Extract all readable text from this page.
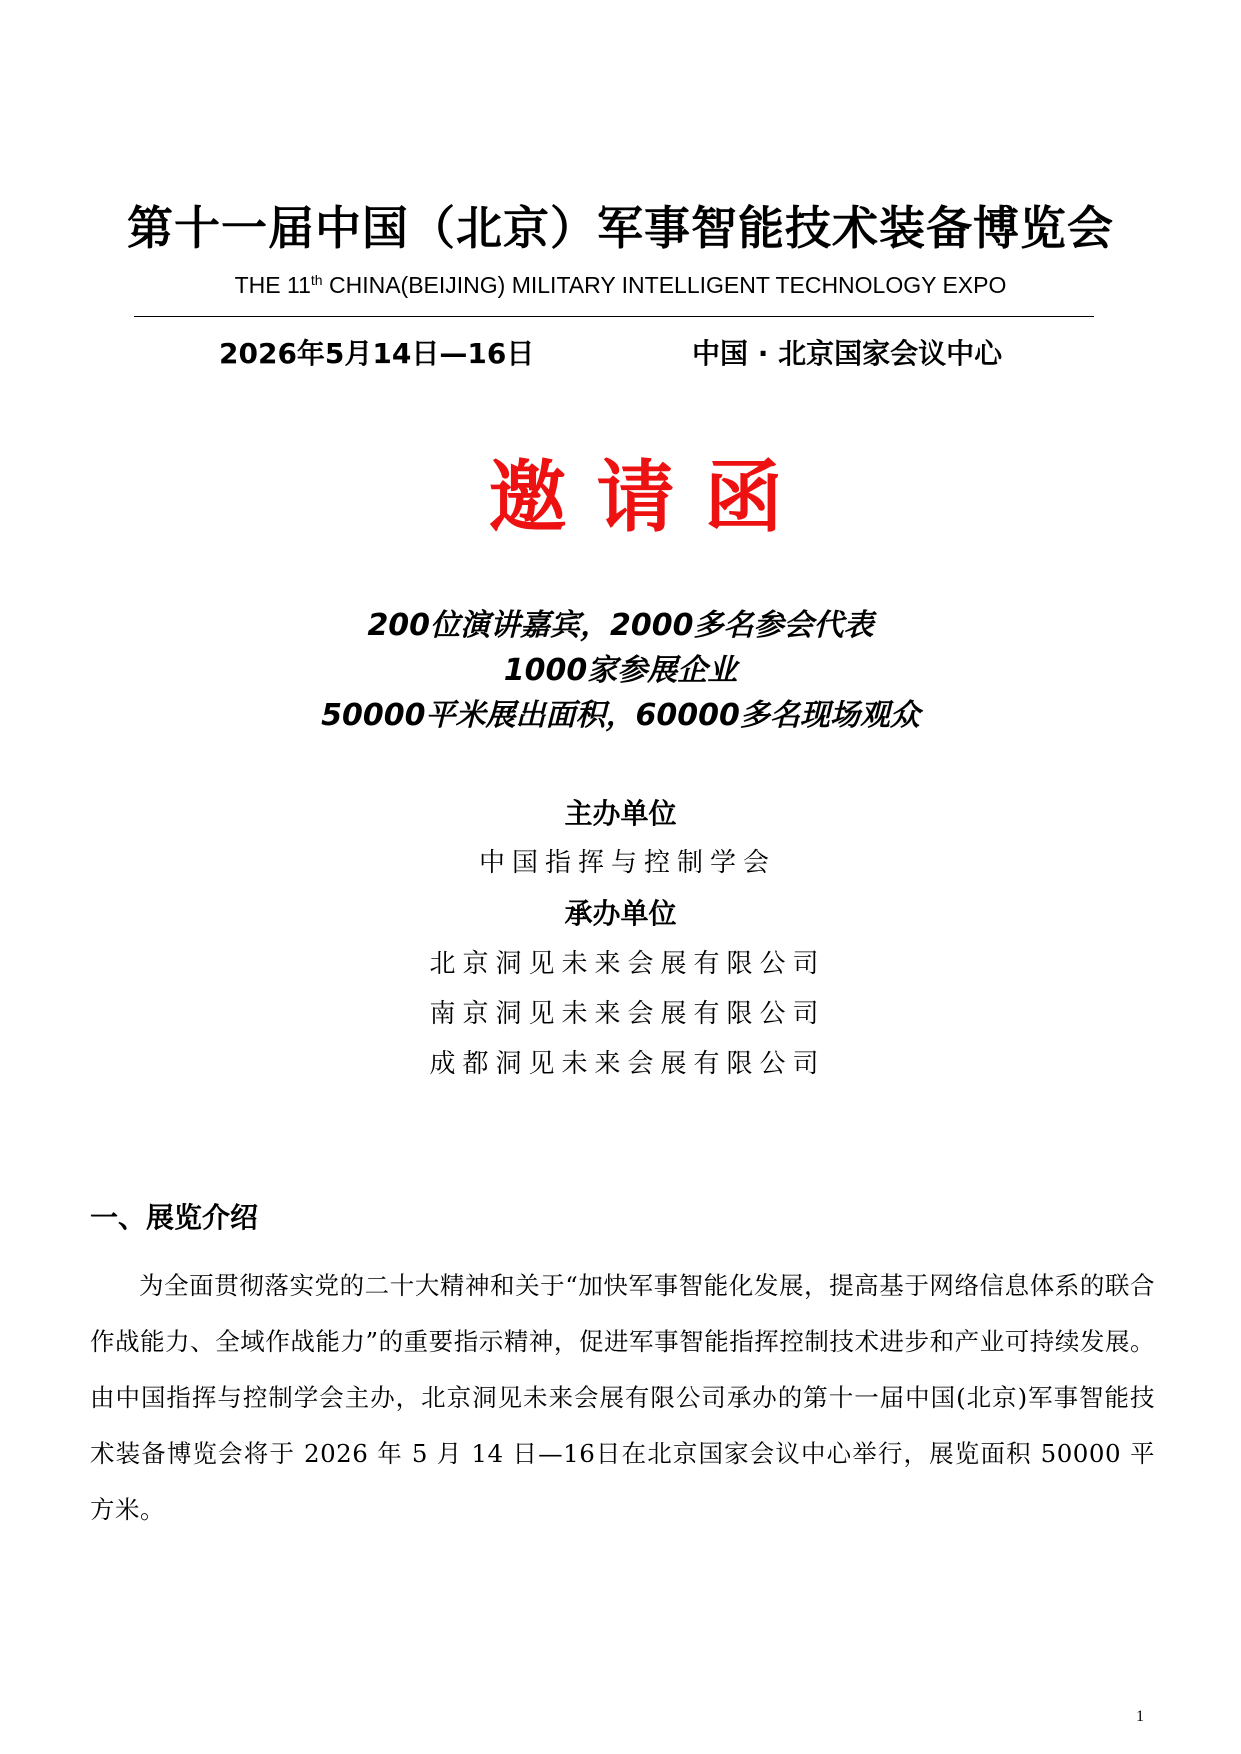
第十一届中国（北京）军事智能技术装备博览会
THE 11th CHINA(BEIJING) MILITARY INTELLIGENT TECHNOLOGY EXPO
2026年5月14日—16日	中国 · 北京国家会议中心
邀请函
200位演讲嘉宾，2000多名参会代表
1000家参展企业
50000平米展出面积，60000多名现场观众
主办单位
中国指挥与控制学会
承办单位
北京洞见未来会展有限公司
南京洞见未来会展有限公司
成都洞见未来会展有限公司
一、展览介绍
为全面贯彻落实党的二十大精神和关于“加快军事智能化发展，提高基于网络信息体系的联合作战能力、全域作战能力”的重要指示精神，促进军事智能指挥控制技术进步和产业可持续发展。由中国指挥与控制学会主办，北京洞见未来会展有限公司承办的第十一届中国(北京)军事智能技术装备博览会将于 2026 年 5 月 14 日—16日在北京国家会议中心举行，展览面积 50000 平方米。
1
